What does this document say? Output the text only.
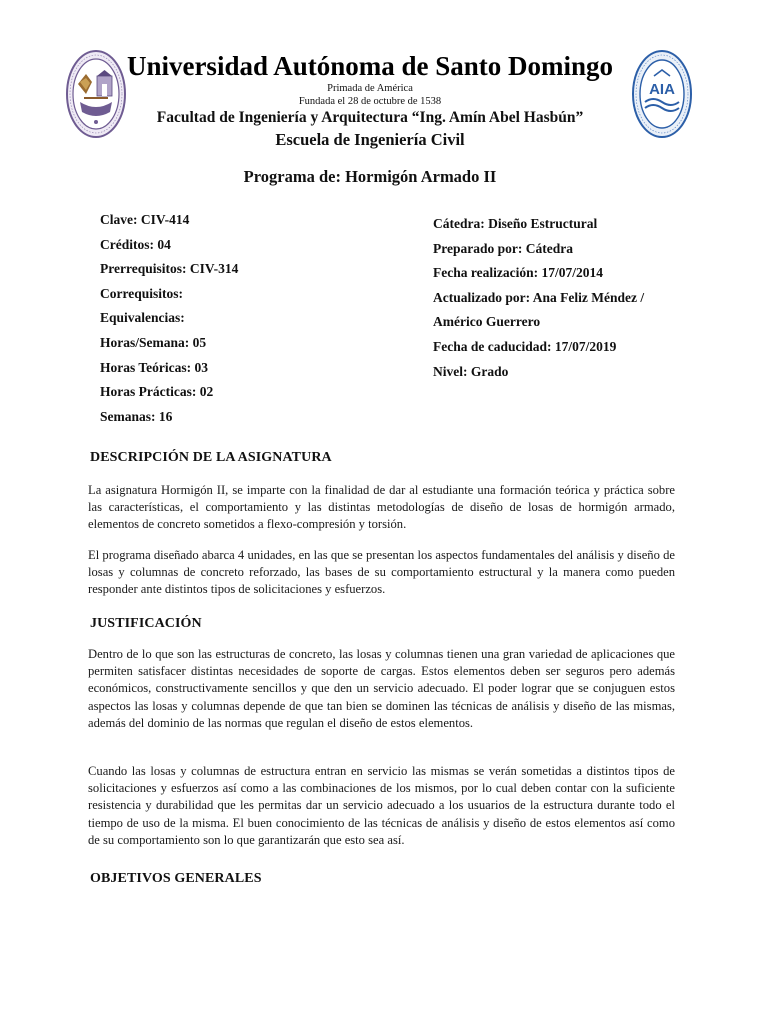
AIA
Universidad Autónoma de Santo Domingo
Primada de América
Fundada el 28 de octubre de 1538
Facultad de Ingeniería y Arquitectura “Ing. Amín Abel Hasbún”
Escuela de Ingeniería Civil
Programa de: Hormigón Armado II
Clave: CIV-414
Créditos: 04
Prerrequisitos: CIV-314
Correquisitos:
Equivalencias:
Horas/Semana: 05
Horas Teóricas: 03
Horas Prácticas: 02
Semanas: 16
Cátedra: Diseño Estructural
Preparado por: Cátedra
Fecha realización: 17/07/2014
Actualizado por: Ana Feliz Méndez /
Américo Guerrero
Fecha de caducidad: 17/07/2019
Nivel: Grado
DESCRIPCIÓN DE LA ASIGNATURA
La asignatura Hormigón II, se imparte con la finalidad de dar al estudiante una formación teórica y práctica sobre las características, el comportamiento y las distintas metodologías de diseño de losas de hormigón armado, elementos de concreto sometidos a flexo-compresión y torsión.
El programa diseñado abarca 4 unidades, en las que se presentan los aspectos fundamentales del análisis y diseño de losas y columnas de concreto reforzado, las bases de su comportamiento estructural y la manera como pueden responder ante distintos tipos de solicitaciones y esfuerzos.
JUSTIFICACIÓN
Dentro de lo que son las estructuras de concreto, las losas y columnas tienen una gran variedad de aplicaciones que permiten satisfacer distintas necesidades de soporte de cargas. Estos elementos deben ser seguros pero además económicos, constructivamente sencillos y que den un servicio adecuado. El poder lograr que se conjuguen estos aspectos las losas y columnas depende de que tan bien se dominen las técnicas de análisis y diseño de las mismas, además del dominio de las normas que regulan el diseño de estos elementos.
Cuando las losas y columnas de estructura entran en servicio las mismas se verán sometidas a distintos tipos de solicitaciones y esfuerzos así como a las combinaciones de los mismos, por lo cual deben contar con la suficiente resistencia y durabilidad que les permitas dar un servicio adecuado a los usuarios de la estructura durante todo el tiempo de uso de la misma. El buen conocimiento de las técnicas de análisis y diseño de estos elementos así como de su comportamiento son lo que garantizarán que esto sea así.
OBJETIVOS GENERALES
